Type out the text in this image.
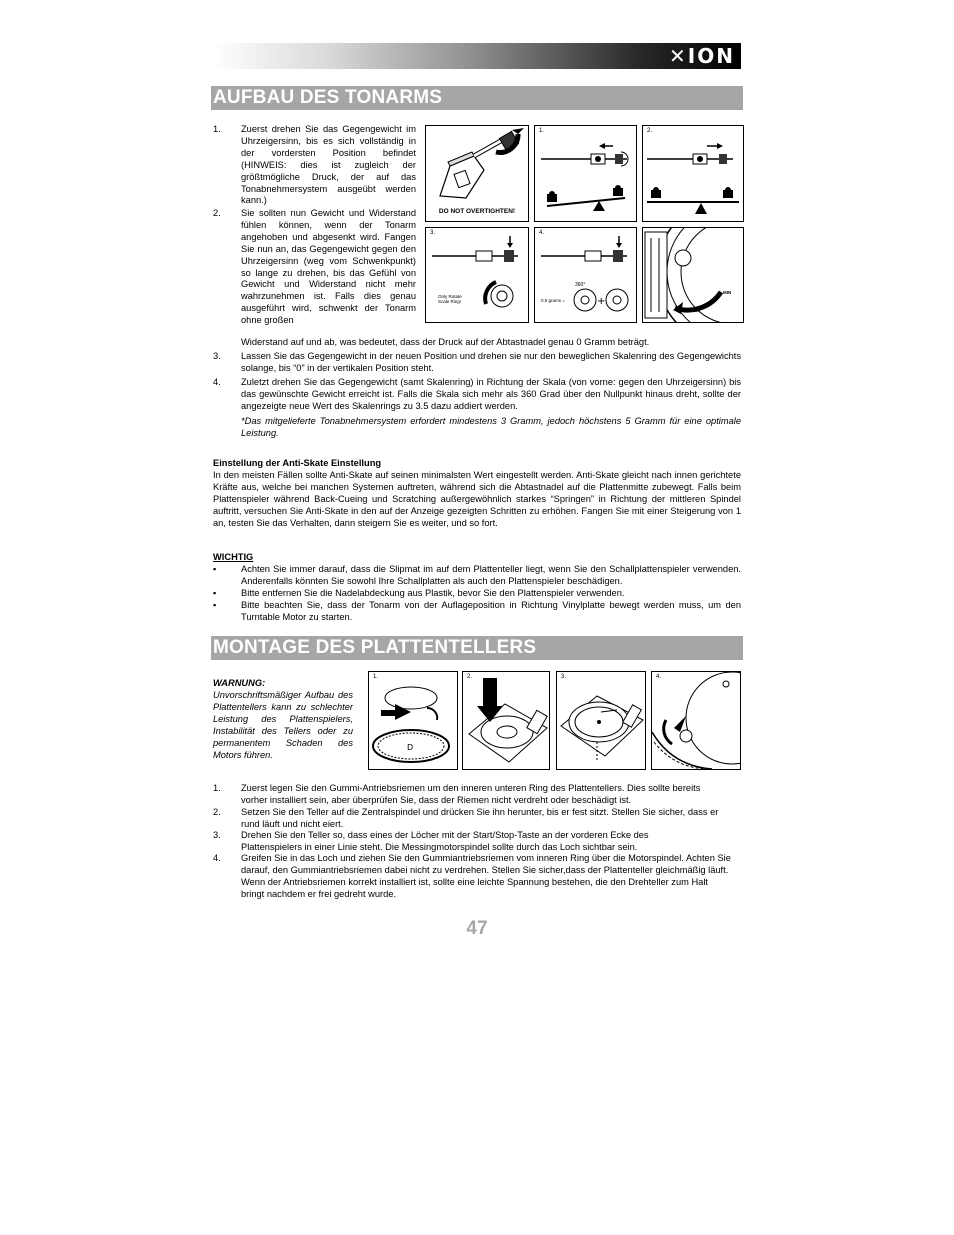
✕ ION
AUFBAU DES TONARMS
1. Zuerst drehen Sie das Gegengewicht im Uhrzeigersinn, bis es sich vollständig in der vordersten Position befindet (HINWEIS: dies ist zugleich der größtmögliche Druck, der auf das Tonabnehmersystem ausgeübt werden kann.)
2. Sie sollten nun Gewicht und Widerstand fühlen können, wenn der Tonarm angehoben und abgesenkt wird. Fangen Sie nun an, das Gegengewicht gegen den Uhrzeigersinn (weg vom Schwenkpunkt) so lange zu drehen, bis das Gefühl von Gewicht und Widerstand nicht mehr wahrzunehmen ist. Falls dies genau ausgeführt wird, schwenkt der Tonarm ohne großen
Widerstand auf und ab, was bedeutet, dass der Druck auf der Abtastnadel genau 0 Gramm beträgt.
3. Lassen Sie das Gegengewicht in der neuen Position und drehen sie nur den beweglichen Skalenring des Gegengewichts solange, bis “0” in der vertikalen Position steht.
4. Zuletzt drehen Sie das Gegengewicht (samt Skalenring) in Richtung der Skala (von vorne: gegen den Uhrzeigersinn) bis das gewünschte Gewicht erreicht ist. Falls die Skala sich mehr als 360 Grad über den Nullpunkt hinaus dreht, sollte der angezeigte neue Wert des Skalenrings zu 3.5 dazu addiert werden.
*Das mitgelieferte Tonabnehmersystem erfordert mindestens 3 Gramm, jedoch höchstens 5 Gramm für eine optimale Leistung.
DO NOT OVERTIGHTEN!
1.	2.
3.
Only Rotate Scale Ring!
4.
+
360°
0.5 grams =
MIN
MAX
Einstellung der Anti-Skate Einstellung
In den meisten Fällen sollte Anti-Skate auf seinen minimalsten Wert eingestellt werden. Anti-Skate gleicht nach innen gerichtete Kräfte aus, welche bei manchen Systemen auftreten, während sich die Abtastnadel auf die Plattenmitte zubewegt. Falls beim Plattenspieler während Back-Cueing und Scratching außergewöhnlich starkes “Springen” in Richtung der mittleren Spindel auftritt, versuchen Sie Anti-Skate in den auf der Anzeige gezeigten Schritten zu erhöhen. Fangen Sie mit einer Steigerung von 1 an, testen Sie das Verhalten, dann steigern Sie es weiter, und so fort.
WICHTIG
▪	Achten Sie immer darauf, dass die Slipmat im auf dem Plattenteller liegt, wenn Sie den Schallplattenspieler verwenden. Anderenfalls könnten Sie sowohl Ihre Schallplatten als auch den Plattenspieler beschädigen.
▪	Bitte entfernen Sie die Nadelabdeckung aus Plastik, bevor Sie den Plattenspieler verwenden.
▪	Bitte beachten Sie, dass der Tonarm von der Auflageposition in Richtung Vinylplatte bewegt werden muss, um den Turntable Motor zu starten.
MONTAGE DES PLATTENTELLERS
WARNUNG:
Unvorschriftsmäßiger Aufbau des Plattentellers kann zu schlechter Leistung des Plattenspielers, Instabilität des Tellers oder zu permanentem Schaden des Motors führen.
1.
D
2.	3.	4.
1. Zuerst legen Sie den Gummi-Antriebsriemen um den inneren unteren Ring des Plattentellers. Dies sollte bereits vorher installiert sein, aber überprüfen Sie, dass der Riemen nicht verdreht oder beschädigt ist.
2. Setzen Sie den Teller auf die Zentralspindel und drücken Sie ihn herunter, bis er fest sitzt. Stellen Sie sicher, dass er rund läuft und nicht eiert.
3. Drehen Sie den Teller so, dass eines der Löcher mit der Start/Stop-Taste an der vorderen Ecke des Plattenspielers in einer Linie steht. Die Messingmotorspindel sollte durch das Loch sichtbar sein.
4. Greifen Sie in das Loch und ziehen Sie den Gummiantriebsriemen vom inneren Ring über die Motorspindel. Achten Sie darauf, den Gummiantriebsriemen dabei nicht zu verdrehen. Stellen Sie sicher,dass der Plattenteller gleichmäßig läuft. Wenn der Antriebsriemen korrekt installiert ist, sollte eine leichte Spannung bestehen, die den Drehteller zum Halt bringt nachdem er frei gedreht wurde.
47
